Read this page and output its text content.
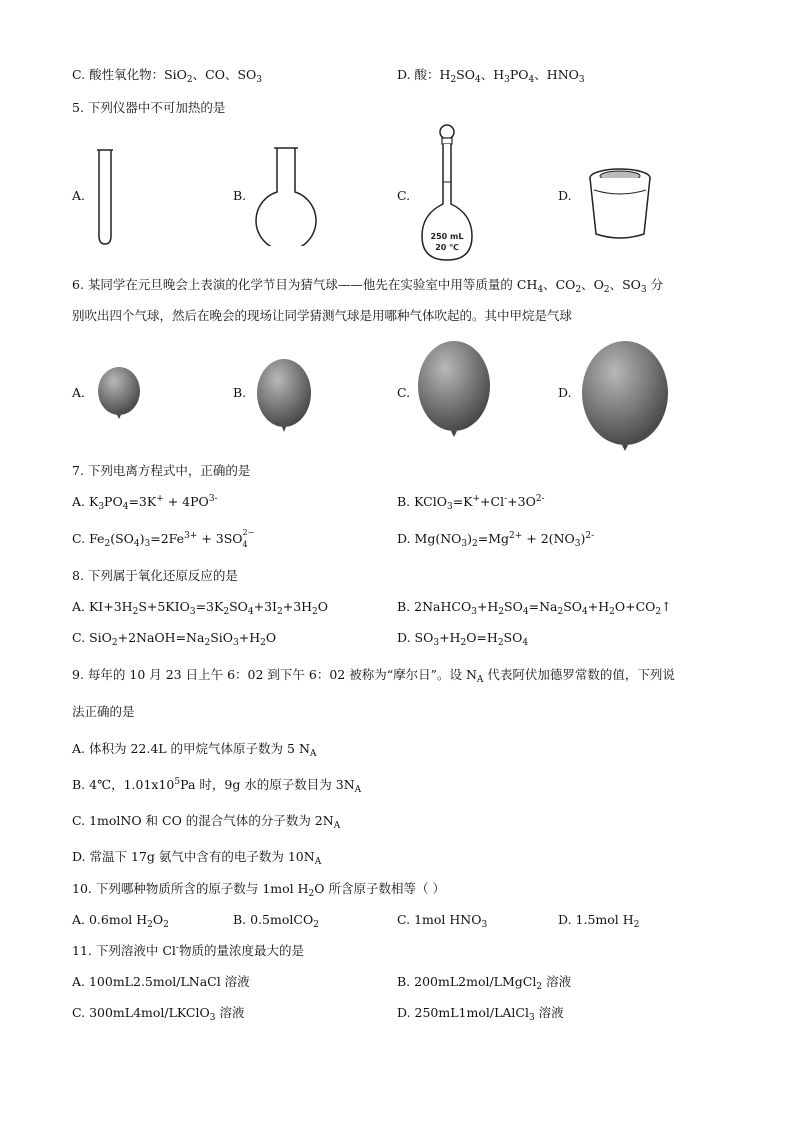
C. 酸性氧化物：SiO$_2$、CO、$SO_3$	D. 酸：$H_2SO_4$、$H_3PO_4$、$HNO_3$
5. 下列仪器中不可加热的是
A.	B.	C.
250 mL
20 ℃
D.
6. 某同学在元旦晚会上表演的化学节目为猜气球——他先在实验室中用等质量的 $CH_4$、$CO_2$、$O_2$、$SO_3$ 分
别吹出四个气球，然后在晚会的现场让同学猜测气球是用哪种气体吹起的。其中甲烷是气球
A.	B.	C.	D.
7. 下列电离方程式中，正确的是
A. $K_3PO_4=3K^+ + 4PO^{3-}$	B. $KClO_3=K^++Cl^-+3O^{2-}$
C. $Fe_2(SO_4)_3=2Fe^{3+} + 3SO$ 2−
4	D. $Mg(NO_3)_2=Mg^{2+} + 2(NO_3)^{2-}$
8. 下列属于氧化还原反应的是
A. $KI+3H_2S+5KIO_3=3K_2SO_4+3I_2+3H_2O$	B. $2NaHCO_3+H_2SO_4=Na_2SO_4+H_2O+CO_2↑$
C. $SiO_2+2NaOH=Na_2SiO_3+H_2O$	D. $SO_3+H_2O=H_2SO_4$
9. 每年的 10 月 23 日上午 6：02 到下午 6：02 被称为“摩尔日”。设 $N_A$ 代表阿伏加德罗常数的值，下列说
法正确的是
A. 体积为 22.4L 的甲烷气体原子数为 5 $N_A$
B. 4℃，$1.01x10^5Pa$ 时，9g 水的原子数目为 $3N_A$
C. 1molNO 和 CO 的混合气体的分子数为 $2N_A$
D. 常温下 17g 氨气中含有的电子数为 $10N_A$
10. 下列哪种物质所含的原子数与 1mol $H_2O$ 所含原子数相等（ ）
A. 0.6mol $H_2O_2$	B. 0.5molCO$_2$	C. 1mol $HNO_3$	D. 1.5mol $H_2$
11. 下列溶液中 Cl-物质的量浓度最大的是
A. 100mL2.5mol/LNaCl 溶液	B. 200mL2mol/LMgCl$_2$ 溶液
C. 300mL4mol/LKClO$_3$ 溶液	D. 250mL1mol/LAlCl$_3$ 溶液
